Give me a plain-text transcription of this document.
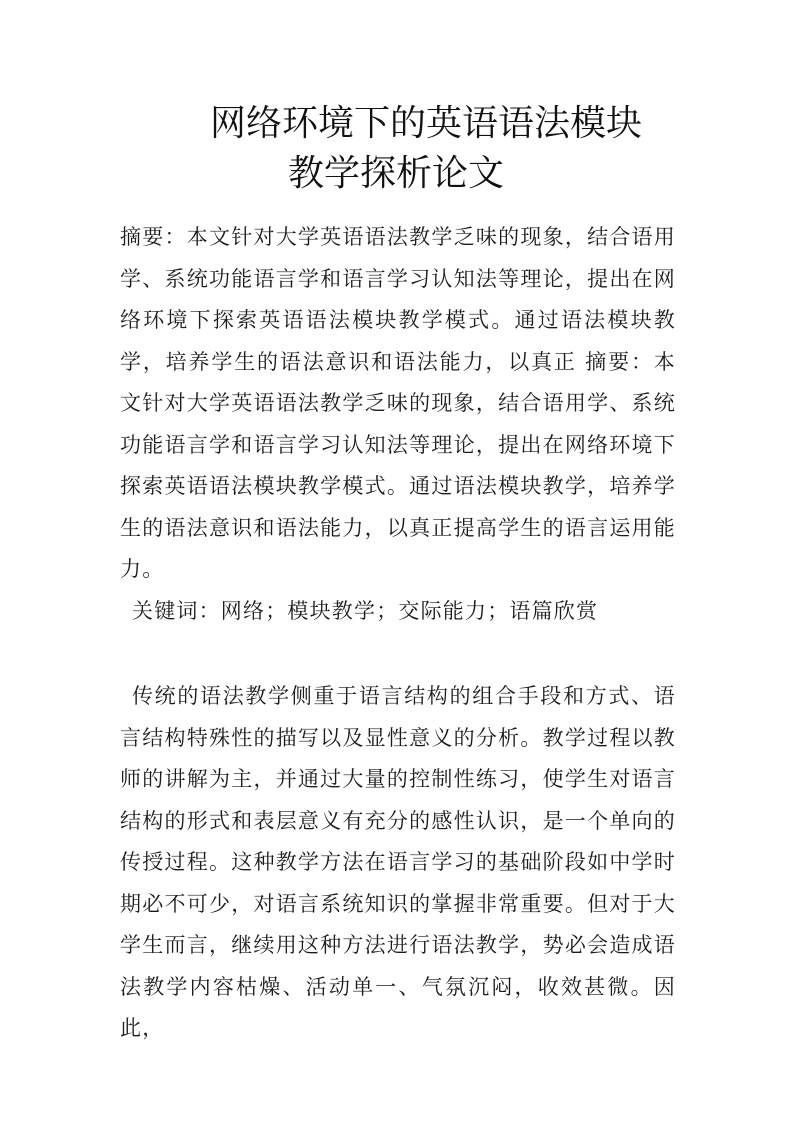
网络环境下的英语语法模块
教学探析论文

摘要：本文针对大学英语语法教学乏味的现象，结合语用学、系统功能语言学和语言学习认知法等理论，提出在网络环境下探索英语语法模块教学模式。通过语法模块教学，培养学生的语法意识和语法能力，以真正 摘要：本文针对大学英语语法教学乏味的现象，结合语用学、系统功能语言学和语言学习认知法等理论，提出在网络环境下探索英语语法模块教学模式。通过语法模块教学，培养学生的语法意识和语法能力，以真正提高学生的语言运用能力。

关键词：网络；模块教学；交际能力；语篇欣赏

传统的语法教学侧重于语言结构的组合手段和方式、语言结构特殊性的描写以及显性意义的分析。教学过程以教师的讲解为主，并通过大量的控制性练习，使学生对语言结构的形式和表层意义有充分的感性认识，是一个单向的传授过程。这种教学方法在语言学习的基础阶段如中学时期必不可少，对语言系统知识的掌握非常重要。但对于大学生而言，继续用这种方法进行语法教学，势必会造成语法教学内容枯燥、活动单一、气氛沉闷，收效甚微。因此，
